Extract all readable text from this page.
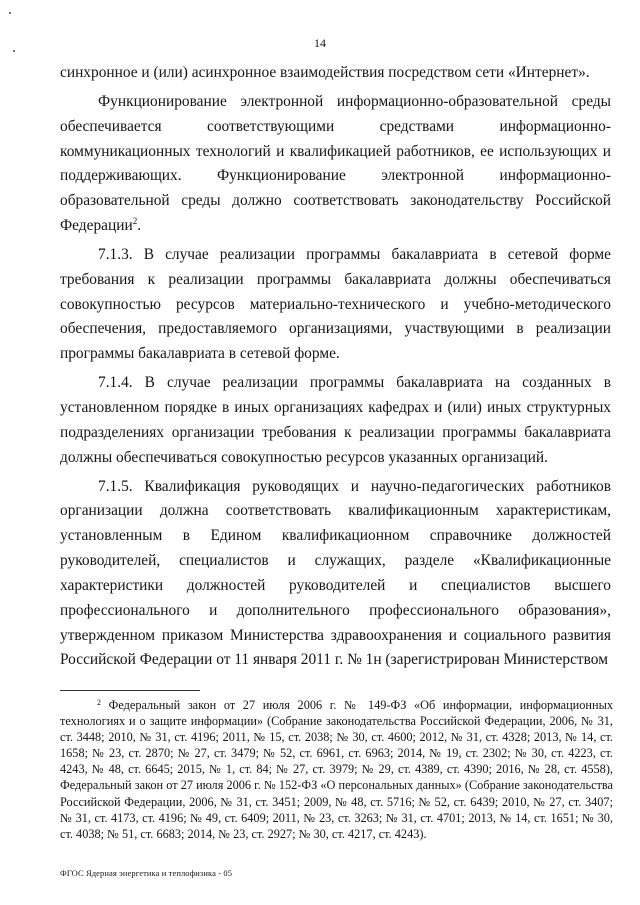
14

синхронное и (или) асинхронное взаимодействия посредством сети «Интернет».

Функционирование электронной информационно-образовательной среды обеспечивается соответствующими средствами информационно-коммуникационных технологий и квалификацией работников, ее использующих и поддерживающих. Функционирование электронной информационно-образовательной среды должно соответствовать законодательству Российской Федерации$^2$.

7.1.3. В случае реализации программы бакалавриата в сетевой форме требования к реализации программы бакалавриата должны обеспечиваться совокупностью ресурсов материально-технического и учебно-методического обеспечения, предоставляемого организациями, участвующими в реализации программы бакалавриата в сетевой форме.

7.1.4. В случае реализации программы бакалавриата на созданных в установленном порядке в иных организациях кафедрах и (или) иных структурных подразделениях организации требования к реализации программы бакалавриата должны обеспечиваться совокупностью ресурсов указанных организаций.

7.1.5. Квалификация руководящих и научно-педагогических работников организации должна соответствовать квалификационным характеристикам, установленным в Едином квалификационном справочнике должностей руководителей, специалистов и служащих, разделе «Квалификационные характеристики должностей руководителей и специалистов высшего профессионального и дополнительного профессионального образования», утвержденном приказом Министерства здравоохранения и социального развития Российской Федерации от 11 января 2011 г. № 1н (зарегистрирован Министерством

$^2$ Федеральный закон от 27 июля 2006 г. № 149-ФЗ «Об информации, информационных технологиях и о защите информации» (Собрание законодательства Российской Федерации, 2006, № 31, ст. 3448; 2010, № 31, ст. 4196; 2011, № 15, ст. 2038; № 30, ст. 4600; 2012, № 31, ст. 4328; 2013, № 14, ст. 1658; № 23, ст. 2870; № 27, ст. 3479; № 52, ст. 6961, ст. 6963; 2014, № 19, ст. 2302; № 30, ст. 4223, ст. 4243, № 48, ст. 6645; 2015, № 1, ст. 84; № 27, ст. 3979; № 29, ст. 4389, ст. 4390; 2016, № 28, ст. 4558), Федеральный закон от 27 июля 2006 г. № 152-ФЗ «О персональных данных» (Собрание законодательства Российской Федерации, 2006, № 31, ст. 3451; 2009, № 48, ст. 5716; № 52, ст. 6439; 2010, № 27, ст. 3407; № 31, ст. 4173, ст. 4196; № 49, ст. 6409; 2011, № 23, ст. 3263; № 31, ст. 4701; 2013, № 14, ст. 1651; № 30, ст. 4038; № 51, ст. 6683; 2014, № 23, ст. 2927; № 30, ст. 4217, ст. 4243).

ФГОС Ядерная энергетика и теплофизика - 05
